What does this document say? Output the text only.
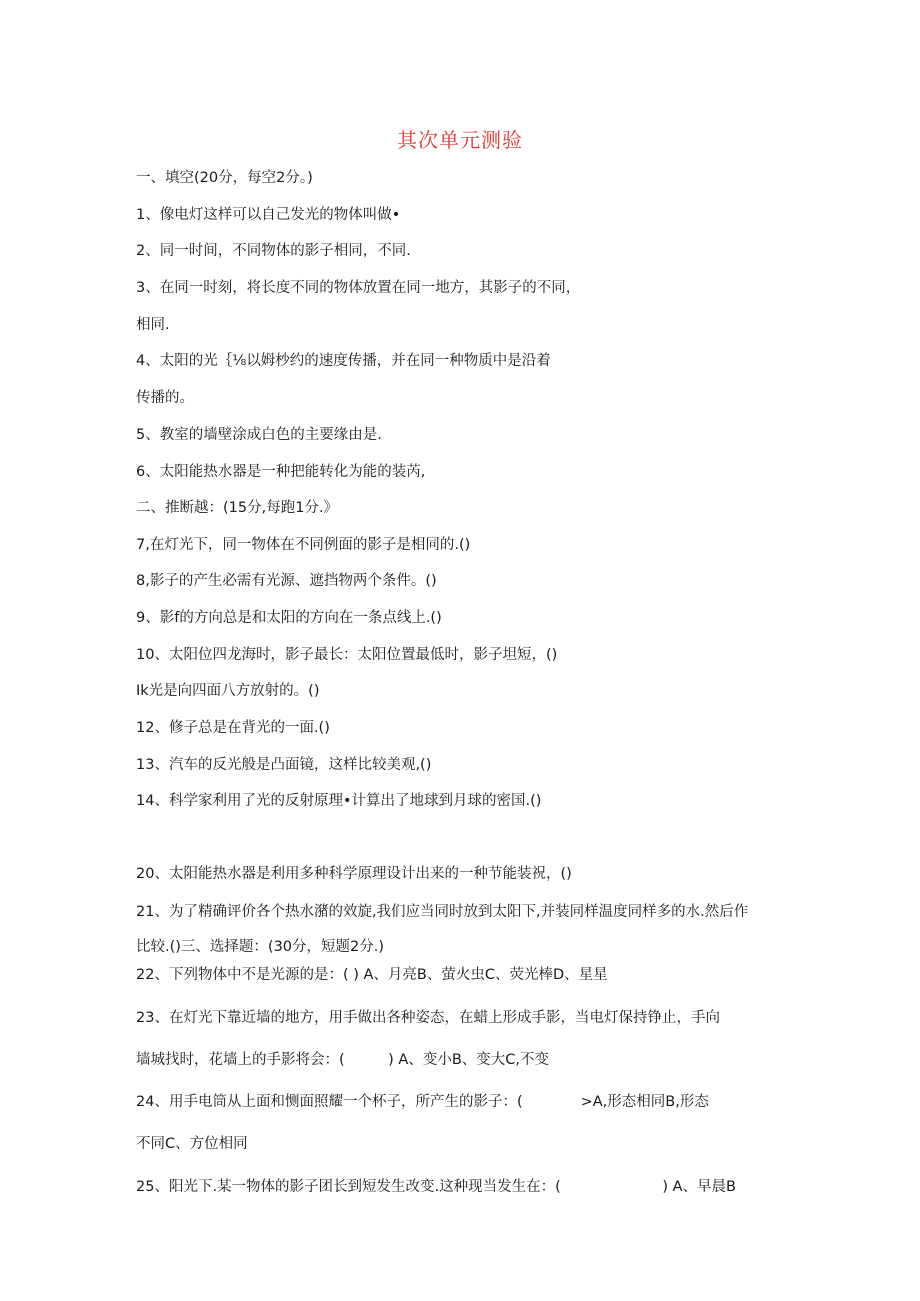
其次单元测验
一、填空(20分，每空2分。)
1、像电灯这样可以自己发光的物体叫做•
2、同一时间，不同物体的影子相同，不同.
3、在同一时刻，将长度不同的物体放置在同一地方，其影子的不同，
相同.
4、太阳的光｛⅛以姆杪约的速度传播，并在同一种物质中是沿着
传播的。
5、教室的墙壁涂成白色的主要缘由是.
6、太阳能热水器是一种把能转化为能的装芮,
二、推断越：(15分,每跑1分.》
7,在灯光下，同一物体在不同例面的影子是相同的.()
8,影子的产生必需有光源、遮挡物两个条件。()
9、影f的方向总是和太阳的方向在一条点线上.()
10、太阳位四龙海时，影子最长：太阳位置最低时，影子坦短，()
Ik光是向四面八方放射的。()
12、修子总是在背光的一面.()
13、汽车的反光般是凸面镜，这样比较美观,()
14、科学家利用了光的反射原理•计算出了地球到月球的密国.()
20、太阳能热水器是利用多种科学原理设计出来的一种节能装祝，()
21、为了精确评价各个热水潴的效旋,我们应当同时放到太阳下,并装同样温度同样多的水.然后作
比较.()三、选择题：(30分，短题2分.)
22、下列物体中不是光源的是：( ) A、月亮B、萤火虫C、荧光棒D、星星
23、在灯光下靠近墙的地方，用手做出各种姿态，在蜡上形成手影，当电灯保持铮止，手向
墙城找时，花墙上的手影将会：(　　　) A、变小B、变大C,不变
24、用手电筒从上面和恻面照耀一个杯子，所产生的影子：(　　　　>A,形态相同B,形态
不同C、方位相同
25、阳光下.某一物体的影子团长到短发生改变.这种现当发生在：(　　　　　　　) A、早晨B
